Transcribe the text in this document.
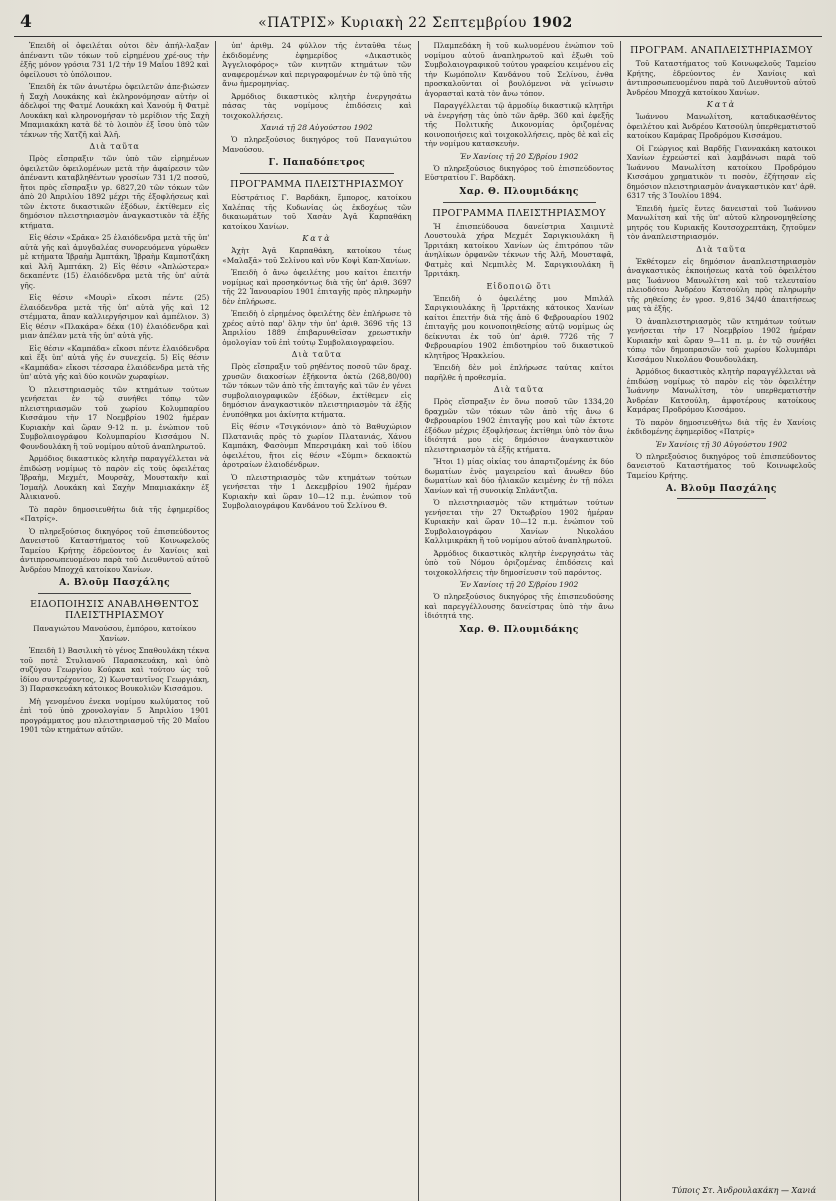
4	«ΠΑΤΡΙΣ» Κυριακὴ 22 Σεπτεμβρίου 1902

Ἐπειδὴ οἱ ὀφειλέται οὐτοι δὲν ἀπήλ-λαξαν ἀπέναντι τῶν τόκων τοῦ εἰρημένου χρέ-ους τὴν ἐξῆς μόνον γρόσια 731 1/2 τὴν 19 Μαΐου 1892 καὶ ὀφείλουσι τὸ ὑπόλοιπον.

Ἐπειδὴ ἐκ τῶν ἀνωτέρω ὀφειλετῶν ἀπε-βιώσεν ἡ Σαχὴ Λουκάκης καὶ ἐκληρονόμησαν αὐτὴν οἱ ἀδελφοί της Φατμέ Λουκάκη καὶ Χανούμ ἢ Φατμὲ Λουκάκη καὶ κληρονομήσαν τὸ μερίδιον τῆς Σαχὴ Μπαμιακάκη κατὰ δὲ τὸ λοιπὸν ἐξ ἴσου ὑπὸ τῶν τέκνων τῆς Χατζῆ καὶ Ἀλῆ.

Διὰ ταῦτα

Πρὸς εἴσπραξιν τῶν ὑπὸ τῶν εἰρημένων ὀφειλετῶν ὀφειλομένων μετὰ τὴν ἀφαίρεσιν τῶν ἀπέναντι καταβληθέντων γροσίων 731 1/2 ποσοῦ, ἤτοι πρὸς εἴσπραξιν γρ. 6827,20 τῶν τόκων τῶν ἀπὸ 20 Ἀπριλίου 1892 μέχρι τῆς ἐξοφλήσεως καὶ τῶν ἐκτοτε δικαστικῶν ἐξόδων, ἐκτίθεμεν εἰς δημόσιον πλειστηριασμὸν ἀναγκαστικὸν τὰ ἑξῆς κτήματα.

Εἰς θέσιν «Σρᾶκα» 25 ἐλαιόδενδρα μετὰ τῆς ὑπ' αὐτὰ γῆς καὶ ἀμυγδαλέας συνορευόμενα γύρωθεν μὲ κτήματα Ἱβραὴμ Ἀμπτάκη, Ἰβραὴμ Καμποτζάκη καὶ Ἀλῆ Ἀμπτάκη. 2) Εἰς θέσιν «Ἀπλώστερα» δεκαπέντε (15) ἐλαιόδενδρα μετὰ τῆς ὑπ' αὐτὰ γῆς.

Εἰς θέσιν «Μουρὶ» εἴκοσι πέντε (25) ἐλαιόδενδρα μετὰ τῆς ὑπ' αὐτὰ γῆς καὶ 12 στέμματα, ἅπαν καλλιεργήσιμον καὶ ἀμπέλιον. 3) Εἰς θέσιν «Πλακάρα» δέκα (10) ἐλαιόδενδρα καὶ μιαν ἀπέλαν μετὰ τῆς ὑπ' αὐτὰ γῆς.

Εἰς θέσιν «Καμπάδα» εἴκοσι πέντε ἐλαιόδενδρα καὶ ἕξι ὑπ' αὐτὰ γῆς ἐν συνεχείᾳ. 5) Εἰς θέσιν «Καμπάδα» εἴκοσι τέσσαρα ἐλαιόδενδρα μετὰ τῆς ὑπ' αὐτὰ γῆς καὶ δύο κοινῶν χωραφίων.

Ὁ πλειστηριασμὸς τῶν κτημάτων τούτων γενήσεται ἐν τῷ συνήθει τόπῳ τῶν πλειστηριασμῶν τοῦ χωρίου Κολυμπαρίου Κισσάμου τὴν 17 Νοεμβρίου 1902 ἡμέραν Κυριακὴν καὶ ὥραν 9-12 π. μ. ἐνώπιον τοῦ Συμβολαιογράφου Κολυμπαρίου Κισσάμου Ν. Φουνδουλάκη ἢ τοῦ νομίμου αὐτοῦ ἀναπληρωτοῦ.

Ἀρμόδιος δικαστικὸς κλητὴρ παραγγέλλεται νὰ ἐπιδώσῃ νομίμως τὸ παρὸν εἰς τοὺς ὀφειλέτας Ἰβραὴμ, Μεχμέτ, Μουρσὰχ, Μουστακὴν καὶ Ἰσμαὴλ Λουκάκη καὶ Σαχὴν Μπαμιακάκην ἐξ Ἀλικιανοῦ.

Τὸ παρὸν δημοσιευθήτω διὰ τῆς ἐφημερίδος «Πατρίς».

Ὁ πληρεξούσιος δικηγόρος τοῦ ἐπισπεύδοντος Δανειστοῦ Καταστήματος τοῦ Κοινωφελοῦς Ταμείου Κρήτης ἑδρεύοντος ἐν Χανίοις καὶ ἀντιπροσωπευομένου παρὰ τοῦ Διευθυντοῦ αὐτοῦ Ἀνδρέου Μποχχᾶ κατοίκου Χανίων.

Α. Βλοῦμ Πασχάλης
ΕΙΔΟΠΟΙΗΣΙΣ ΑΝΑΒΛΗΘΕΝΤΟΣ ΠΛΕΙΣΤΗΡΙΑΣΜΟΥ

Παναγιώτου Μανούσου, ἐμπόρου, κατοίκου Χανίων.

Ἐπειδὴ 1) Βασιλικὴ τὸ γένος Σπαθουλάκη τέκνα τοῦ ποτὲ Στυλιανοῦ Παρασκευάκη, καὶ ὑπὸ συζύγου Γεωργίου Κούρκα καὶ τούτου ὡς τοῦ ἰδίου συντρέχοντος, 2) Κωνσταντῖνος Γεωργιάκη, 3) Παρασκευάκη κάτοικος Βουκολιῶν Κισσάμου.

Μὴ γενομένου ἐνεκα νομίμου κωλύματος τοῦ ἐπὶ τοῦ ὑπὸ χρονολογίαν 5 Ἀπριλίου 1901 προγράμματος μου πλειστηριασμοῦ τῆς 20 Μαΐου 1901 τῶν κτημάτων αὐτῶν.

ὑπ' ἀριθμ. 24 φύλλον τῆς ἐνταῦθα τέως ἐκδιδομένης ἐφημερίδος «Δικαστικὸς Ἀγγελιοφόρος» τῶν κινητῶν κτημάτων τῶν αναφερομένων καὶ περιγραφομένων ἐν τῷ ὑπὸ τῆς ἄνω ἡμερομηνίας.

Ἀρμόδιος δικαστικὸς κλητὴρ ἐνεργησάτω πάσας τὰς νομίμους ἐπιδόσεις καὶ τοιχοκολλήσεις.

Χανιά τῇ 28 Αὐγούστου 1902

Ὁ πληρεξούσιος δικηγόρος τοῦ Παναγιώτου Μανούσου.

Γ. Παπαδόπετρος
ΠΡΟΓΡΑΜΜΑ ΠΛΕΙΣΤΗΡΙΑΣΜΟΥ

Εὐστράτιος Γ. Βαρδάκη, ἔμπορος, κατοίκου Χαλέπας τῆς Κυδωνίας ὡς ἐκδοχέως τῶν δικαιωμάτων τοῦ Χασὰν Ἀγᾶ Καρπαθάκη κατοίκου Χανίων.

Κατὰ

Ἀχὴτ Ἀγᾶ Καρπαθάκη, κατοίκου τέως «Μαλαξᾶ» τοῦ Σελίνου καὶ νῦν Κοψὶ Καπ-Χανίων.

Ἐπειδὴ ὁ ἄνω ὀφειλέτης μου καίτοι ἐπειτήν νομίμως καὶ προσηκόντως διὰ τῆς ὑπ' ἀριθ. 3697 τῆς 22 Ἰανουαρίου 1901 ἐπιταγῆς πρὸς πληρωμὴν δὲν ἐπλήρωσε.

Ἐπειδὴ ὁ εἰρημένος ὀφειλέτης δὲν ἐπλήρωσε τὸ χρέος αὐτὸ παρ' ὅλην τὴν ὑπ' ἀριθ. 3696 τῆς 13 Ἀπριλίου 1889 ἐπιβαρυνθεῖσαν χρεωστικὴν ὁμολογίαν τοῦ ἐπὶ τούτῳ Συμβολαιογραφείου.

Διὰ ταῦτα

Πρὸς εἴσπραξιν τοῦ ρηθέντος ποσοῦ τῶν δραχ. χρυσῶν διακοσίων ἑξήκοντα ὀκτὼ (268,80/00) τῶν τόκων τῶν ἀπὸ τῆς ἐπιταγῆς καὶ τῶν ἐν γένει συμβολαιογραφικῶν ἐξόδων, ἐκτίθεμεν εἰς δημόσιον ἀναγκαστικὸν πλειστηριασμὸν τὰ ἑξῆς ἐνυπόθηκα μοι ἀκίνητα κτήματα.

Εἰς θέσιν «Τσιγκόνιον» ἀπὸ τὸ Βαθυχώριον Πλατανιᾶς πρὸς τὸ χωρίον Πλατανιάς, Χάνου Καμπάκη, Φασὸνμπ Μπερσιμάκη καὶ τοῦ ἰδίου ὀφειλέτου, ἤτοι εἰς θέσιν «Σύμπι» δεκαοκτὼ ἀροτραίων ἐλαιοδένδρων.

Ὁ πλειστηριασμὸς τῶν κτημάτων τούτων γενήσεται τὴν 1 Δεκεμβρίου 1902 ἡμέραν Κυριακὴν καὶ ὥραν 10—12 π.μ. ἐνώπιον τοῦ Συμβολαιογράφου Κανδάνου τοῦ Σελίνου Θ.

Πλαμπεδάκη ἢ τοῦ κωλυομένου ἐνώπιον τοῦ νομίμου αὐτοῦ ἀναπληρωτοῦ καὶ ἐξωθι τοῦ Συμβολαιογραφικοῦ τούτου γραφείου κειμένου εἰς τὴν Κωμόπολιν Κανδάνου τοῦ Σελίνου, ἐνθα προσκαλοῦνται οἱ βουλόμενοι νὰ γείνωσιν ἀγορασταὶ κατὰ τὸν ἄνω τόπον.

Παραγγέλλεται τῷ ἁρμοδίῳ δικαστικῷ κλητῆρι νὰ ἐνεργήσῃ τὰς ὑπὸ τῶν ἄρθρ. 360 καὶ ἐφεξῆς τῆς Πολιτικῆς Δικονομίας ὁριζομένας κοινοποιήσεις καὶ τοιχοκολλήσεις, πρὸς δὲ καὶ εἰς τὴν νομίμου κατασκευὴν.

Ἐν Χανίοις τῇ 20 Σ/βρίου 1902

Ὁ πληρεξούσιος δικηγόρος τοῦ ἐπισπεύδοντος Εὐστρατίου Γ. Βαρδάκη.

Χαρ. Θ. Πλουμιδάκης
ΠΡΟΓΡΑΜΜΑ ΠΛΕΙΣΤΗΡΙΑΣΜΟΥ

Ἡ ἐπισπεύδουσα δανείστρια Χαιμιντὲ Λουστουλὰ χήρα Μεχμέτ Σαριγκιουλάκη ἢ Ἰρριτάκη κατοίκου Χανίων ὡς ἐπιτρόπου τῶν ἀνηλίκων ὀρφανῶν τέκνων τῆς Ἀλῆ, Μουσταφᾶ, Φατμὲς καὶ Νεμπιλὲς Μ. Σαριγκιουλάκη ἢ Ἰρριτάκη.

Εἰδοποιῶ ὅτι

Ἐπειδὴ ὁ ὀφειλέτης μου Μπιλάλ Σαριγκιουλάκης ἢ Ἰρριτάκης κάτοικος Χανίων καίτοι ἐπειτήν διὰ τῆς ἀπὸ 6 Φεβρουαρίου 1902 ἐπιταγῆς μου κοινοποιηθείσης αὐτῷ νομίμως ὡς δείκνυται ἐκ τοῦ ὑπ' ἀριθ. 7726 τῆς 7 Φεβρουαρίου 1902 ἐπιδοτηρίου τοῦ δικαστικοῦ κλητῆρος Ἡρακλείου.

Ἐπειδὴ δὲν μοὶ ἐπλήρωσε ταύτας καίτοι παρῆλθε ἡ προθεσμία.

Διὰ ταῦτα

Πρὸς εἴσπραξιν ἐν ὅνω ποσοῦ τῶν 1334,20 δραχμῶν τῶν τόκων τῶν ἀπὸ τῆς ἄνω 6 Φεβρουαρίου 1902 ἐπιταγῆς μου καὶ τῶν ἐκτοτε ἐξόδων μέχρις ἐξοφλήσεως ἐκτίθημι ὑπὸ τὸν ἄνω ἰδιότητά μου εἰς δημόσιον ἀναγκαστικὸν πλειστηριασμὸν τὰ ἑξῆς κτήματα.

Ἤτοι 1) μίας οἰκίας του ἀπαρτιζομένης ἐκ δύο δωματίων ἑνὸς μαγειρείου καὶ ἄνωθεν δύο δωματίων καὶ δύο ἡλιακῶν κειμένης ἐν τῇ πόλει Χανίων καὶ τῇ συνοικίᾳ Σπλάντζια.

Ὁ πλειστηριασμὸς τῶν κτημάτων τούτων γενήσεται τὴν 27 Ὀκτωβρίου 1902 ἡμέραν Κυριακὴν καὶ ὥραν 10—12 π.μ. ἐνώπιον τοῦ Συμβολαιογράφου Χανίων Νικολάου Καλλιμικράκη ἢ τοῦ νομίμου αὐτοῦ ἀναπληρωτοῦ.

Ἀρμόδιος δικαστικὸς κλητὴρ ἐνεργησάτω τὰς ὑπὸ τοῦ Νόμου ὁριζομένας ἐπιδόσεις καὶ τοιχοκολλήσεις τὴν δημοσίευσιν τοῦ παρόντος.

Ἐν Χανίοις τῇ 20 Σ/βρίου 1902

Ὁ πληρεξούσιος δικηγόρος τῆς ἐπισπευδούσης καὶ παρεγγέλλουσης δανείστρας ὑπὸ τὴν ἄνω ἰδιότητά της.

Χαρ. Θ. Πλουμιδάκης
ΠΡΟΓΡΑΜ. ΑΝΑΠΛΕΙΣΤΗΡΙΑΣΜΟΥ

Τοῦ Καταστήματος τοῦ Κοινωφελοῦς Ταμείου Κρήτης, ἑδρεύοντος ἐν Χανίοις καὶ ἀντιπροσωπευομένου παρὰ τοῦ Διευθυντοῦ αὐτοῦ Ἀνδρέου Μποχχᾶ κατοίκου Χανίων.

Κατὰ

Ἰωάννου Μανωλίτση, καταδικασθέντος ὀφειλέτου καὶ Ἀνδρέου Κατσούλη ὑπερθεματιστοῦ κατοίκου Καμάρας Προδρόμου Κισσάμου.

Οἱ Γεώργιος καὶ Βαρδῆς Γιαννακάκη κατοικοι Χανίων ἐχρεώστεί καὶ λαμβάνωσι παρὰ τοῦ Ἰωάννου Μανωλίτση κατοίκου Προδρόμου Κισσάμου χρηματικὸν τι ποσὸν, ἐζήτησαν εἰς δημόσιον πλειστηριασμὸν ἀναγκαστικὸν κατ' ἀρθ. 6317 τῆς 3 Ἰουλίου 1894.

Ἐπειδὴ ἡμεῖς ἔντες δανεισταὶ τοῦ Ἰωάννου Μανωλίτση καὶ τῆς ὑπ' αὐτοῦ κληρονομηθείσης μητρός του Κυριακῆς Κουτσοχρεπτάκη, ζητοῦμεν τὸν ἀναπλειστηριασμόν.

Διὰ ταῦτα

Ἐκθέτομεν εἰς δημόσιον ἀναπλειστηριασμὸν ἀναγκαστικὸς ἐκποιήσεως κατὰ τοῦ ὀφειλέτου μας Ἰωάννου Μανωλίτση καὶ τοῦ τελευταίου πλειοδότου Ἀνδρέου Κατσούλη πρὸς πληρωμὴν τῆς ρηθείσης ἐν γροσ. 9,816 34/40 ἀπαιτήσεως μας τὰ ἑξῆς.

Ὁ ἀναπλειστηριασμὸς τῶν κτημάτων τούτων γενήσεται τὴν 17 Νοεμβρίου 1902 ἡμέραν Κυριακὴν καὶ ὥραν 9—11 π. μ. ἐν τῷ συνήθει τόπῳ τῶν δημοπρασιῶν τοῦ χωρίου Κολυμπάρι Κισσάμου Νικολάου Φουνδουλάκη.

Ἀρμόδιος δικαστικὸς κλητὴρ παραγγέλλεται νὰ ἐπιδώσῃ νομίμως τὸ παρὸν εἰς τὸν ὀφειλέτην Ἰωάννην Μανωλίτση, τὸν υπερθεματιστὴν Ἀνδρέαν Κατσούλη, ἀμφοτέρους κατοίκους Καμάρας Προδρόμου Κισσάμου.

Τὸ παρὸν δημοσιευθήτω διὰ τῆς ἐν Χανίοις ἐκδιδομένης ἐφημερίδος «Πατρίς»

Ἐν Χανίοις τῇ 30 Αὐγούστου 1902

Ὁ πληρεξούσιος δικηγόρος τοῦ ἐπισπεύδοντος δανειστοῦ Καταστήματος τοῦ Κοινωφελοῦς Ταμείου Κρήτης.

Α. Βλοῦμ Πασχάλης
Τύποις Στ. Ἀνδρουλακάκη — Χανιά
